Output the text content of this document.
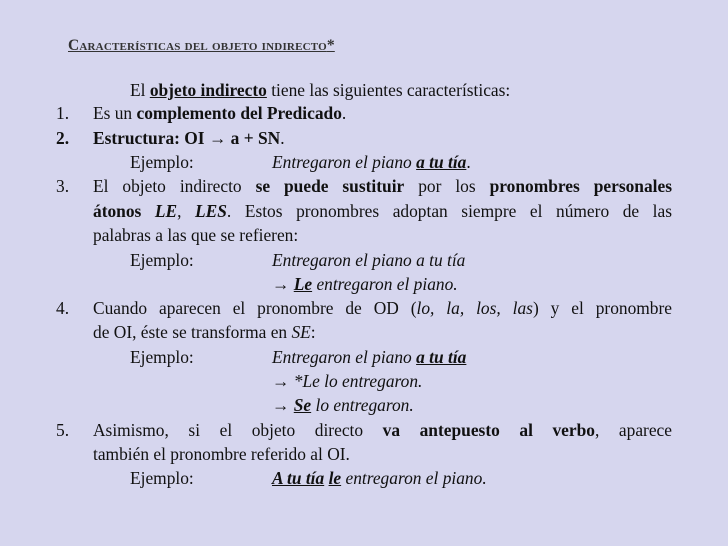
Características del objeto indirecto*
El objeto indirecto tiene las siguientes características:
1. Es un complemento del Predicado.
2. Estructura: OI → a + SN.
Ejemplo:	Entregaron el piano a tu tía.
3. El objeto indirecto se puede sustituir por los pronombres personales
átonos LE, LES. Estos pronombres adoptan siempre el número de las
palabras a las que se refieren:
Ejemplo:	Entregaron el piano a tu tía
→ Le entregaron el piano.
4. Cuando aparecen el pronombre de OD (lo, la, los, las) y el pronombre
de OI, éste se transforma en SE:
Ejemplo:	Entregaron el piano a tu tía
→ *Le lo entregaron.
→ Se lo entregaron.
5. Asimismo, si el objeto directo va antepuesto al verbo, aparece
también el pronombre referido al OI.
Ejemplo:	A tu tía le entregaron el piano.
